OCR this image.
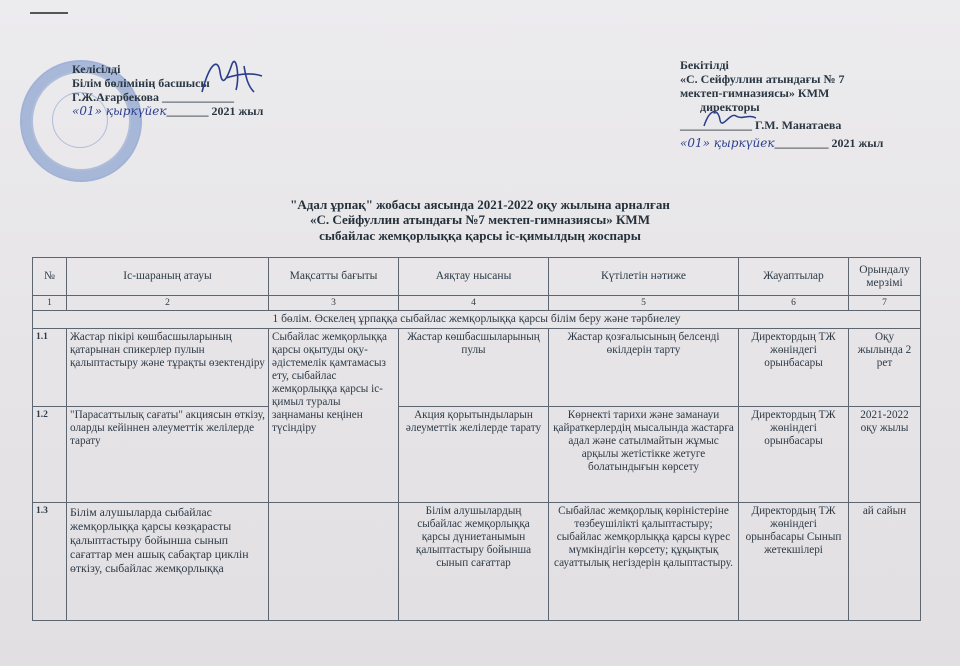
Келісілді
Білім бөлімінің басшысы
Г.Ж.Ағарбекова ____________
«01» қыркүйек_______ 2021 жыл
Бекітілді
«С. Сейфуллин атындағы № 7
мектеп-гимназиясы» КММ
директоры
____________ Г.М. Манатаева
«01» қыркүйек_________ 2021 жыл
"Адал ұрпақ" жобасы аясында 2021-2022 оқу жылына арналған
«С. Сейфуллин атындағы №7 мектеп-гимназиясы» КММ
сыбайлас жемқорлыққа қарсы іс-қимылдың жоспары
№	Іс-шараның атауы	Мақсатты бағыты	Аяқтау нысаны	Күтілетін нәтиже	Жауаптылар	Орындалу мерзімі
1	2	3	4	5	6	7
1 бөлім. Өскелең ұрпаққа сыбайлас жемқорлыққа қарсы білім беру және тәрбиелеу						
1.1	Жастар пікірі көшбасшыларының қатарынан спикерлер пулын қалыптастыру және тұрақты өзектендіру	Сыбайлас жемқорлыққа қарсы оқытуды оқу-әдістемелік қамтамасыз ету, сыбайлас жемқорлыққа қарсы іс-қимыл туралы заңнаманы кеңінен түсіндіру	Жастар көшбасшыларының пулы	Жастар қозғалысының белсенді өкілдерін тарту	Директордың ТЖ жөніндегі орынбасары	Оқу жылында 2 рет
1.2	"Парасаттылық сағаты" акциясын өткізу, оларды кейіннен әлеуметтік желілерде тарату		Акция қорытындыларын әлеуметтік желілерде тарату	Көрнекті тарихи және заманауи қайраткерлердің мысалында жастарға адал және сатылмайтын жұмыс арқылы жетістікке жетуге болатындығын көрсету	Директордың ТЖ жөніндегі орынбасары	2021-2022 оқу жылы
1.3	Білім алушыларда сыбайлас жемқорлыққа қарсы көзқарасты қалыптастыру бойынша сынып сағаттар мен ашық сабақтар циклін өткізу, сыбайлас жемқорлыққа		Білім алушылардың сыбайлас жемқорлыққа қарсы дүниетанымын қалыптастыру бойынша сынып сағаттар	Сыбайлас жемқорлық көріністеріне төзбеушілікті қалыптастыру; сыбайлас жемқорлыққа қарсы күрес мүмкіндігін көрсету; құқықтық сауаттылық негіздерін қалыптастыру.	Директордың ТЖ жөніндегі орынбасары Сынып жетекшілері	ай сайын
